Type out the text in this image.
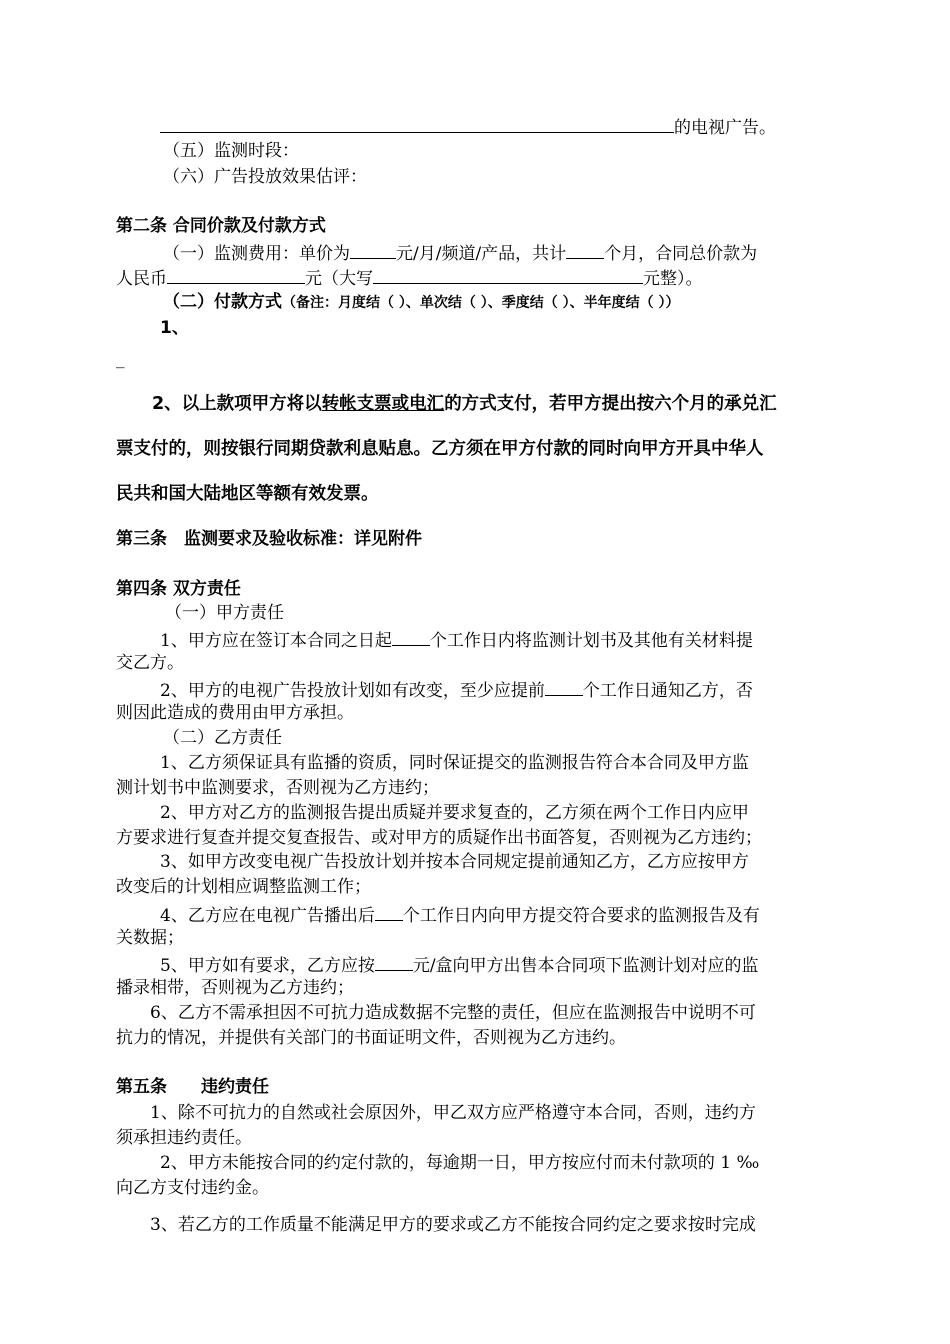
的电视广告。

（五）监测时段：

（六）广告投放效果估评：

第二条 合同价款及付款方式

（一）监测费用：单价为	元/月/频道/产品，共计 个月，合同总价款为

人民币	元（大写	元整）。

（二）付款方式（备注：月度结（ ）、单次结（ ）、季度结（ ）、半年度结（ ））

1、

_

2、以上款项甲方将以转帐支票或电汇的方式支付，若甲方提出按六个月的承兑汇

票支付的，则按银行同期贷款利息贴息。乙方须在甲方付款的同时向甲方开具中华人

民共和国大陆地区等额有效发票。

第三条　监测要求及验收标准：详见附件

第四条 双方责任

（一）甲方责任

1、甲方应在签订本合同之日起 个工作日内将监测计划书及其他有关材料提

交乙方。

2、甲方的电视广告投放计划如有改变，至少应提前 个工作日通知乙方，否

则因此造成的费用由甲方承担。

（二）乙方责任

1、乙方须保证具有监播的资质，同时保证提交的监测报告符合本合同及甲方监

测计划书中监测要求，否则视为乙方违约；

2、甲方对乙方的监测报告提出质疑并要求复查的，乙方须在两个工作日内应甲

方要求进行复查并提交复查报告、或对甲方的质疑作出书面答复，否则视为乙方违约；

3、如甲方改变电视广告投放计划并按本合同规定提前通知乙方，乙方应按甲方

改变后的计划相应调整监测工作；

4、乙方应在电视广告播出后 个工作日内向甲方提交符合要求的监测报告及有

关数据；

5、甲方如有要求，乙方应按 元/盒向甲方出售本合同项下监测计划对应的监

播录相带，否则视为乙方违约；

6、乙方不需承担因不可抗力造成数据不完整的责任，但应在监测报告中说明不可

抗力的情况，并提供有关部门的书面证明文件，否则视为乙方违约。

第五条　　违约责任

1、除不可抗力的自然或社会原因外，甲乙双方应严格遵守本合同，否则，违约方

须承担违约责任。

2、甲方未能按合同的约定付款的，每逾期一日，甲方按应付而未付款项的 1 ‰

向乙方支付违约金。

3、若乙方的工作质量不能满足甲方的要求或乙方不能按合同约定之要求按时完成
